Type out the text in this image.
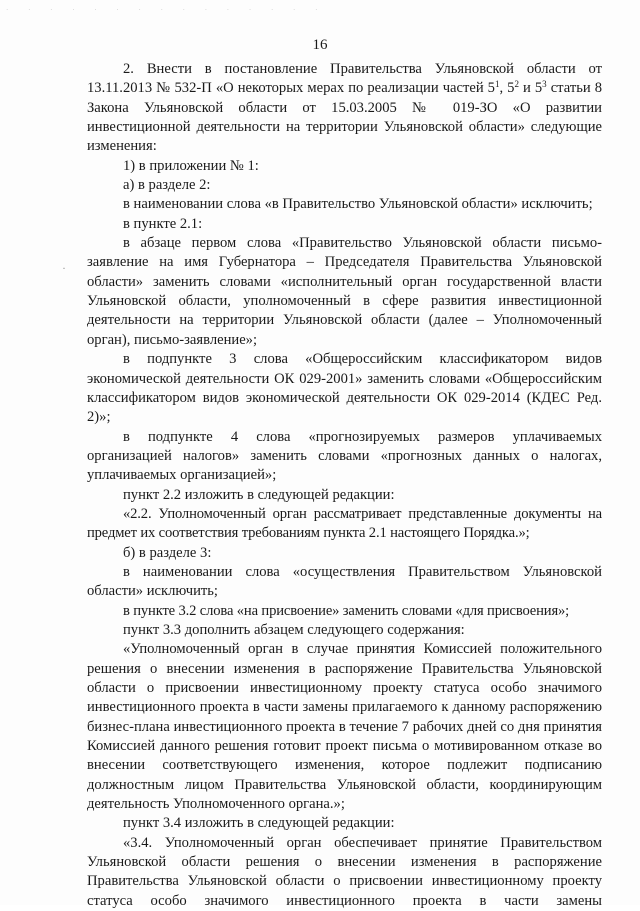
· · · · · · · · · · · · · · ·
·
16

2. Внести в постановление Правительства Ульяновской области от 13.11.2013 № 532-П «О некоторых мерах по реализации частей $5^1$, $5^2$ и $5^3$ статьи 8 Закона Ульяновской области от 15.03.2005 № 019-ЗО «О развитии инвестиционной деятельности на территории Ульяновской области» следующие изменения:

1) в приложении № 1:

а) в разделе 2:

в наименовании слова «в Правительство Ульяновской области» исключить;

в пункте 2.1:

в абзаце первом слова «Правительство Ульяновской области письмо-заявление на имя Губернатора – Председателя Правительства Ульяновской области» заменить словами «исполнительный орган государственной власти Ульяновской области, уполномоченный в сфере развития инвестиционной деятельности на территории Ульяновской области (далее – Уполномоченный орган), письмо-заявление»;

в подпункте 3 слова «Общероссийским классификатором видов экономической деятельности ОК 029-2001» заменить словами «Общероссийским классификатором видов экономической деятельности ОК 029-2014 (КДЕС Ред. 2)»;

в подпункте 4 слова «прогнозируемых размеров уплачиваемых организацией налогов» заменить словами «прогнозных данных о налогах, уплачиваемых организацией»;

пункт 2.2 изложить в следующей редакции:

«2.2. Уполномоченный орган рассматривает представленные документы на предмет их соответствия требованиям пункта 2.1 настоящего Порядка.»;

б) в разделе 3:

в наименовании слова «осуществления Правительством Ульяновской области» исключить;

в пункте 3.2 слова «на присвоение» заменить словами «для присвоения»;

пункт 3.3 дополнить абзацем следующего содержания:

«Уполномоченный орган в случае принятия Комиссией положительного решения о внесении изменения в распоряжение Правительства Ульяновской области о присвоении инвестиционному проекту статуса особо значимого инвестиционного проекта в части замены прилагаемого к данному распоряжению бизнес-плана инвестиционного проекта в течение 7 рабочих дней со дня принятия Комиссией данного решения готовит проект письма о мотивированном отказе во внесении соответствующего изменения, которое подлежит подписанию должностным лицом Правительства Ульяновской области, координирующим деятельность Уполномоченного органа.»;

пункт 3.4 изложить в следующей редакции:

«3.4. Уполномоченный орган обеспечивает принятие Правительством Ульяновской области решения о внесении изменения в распоряжение Правительства Ульяновской области о присвоении инвестиционному проекту статуса особо значимого инвестиционного проекта в части замены
